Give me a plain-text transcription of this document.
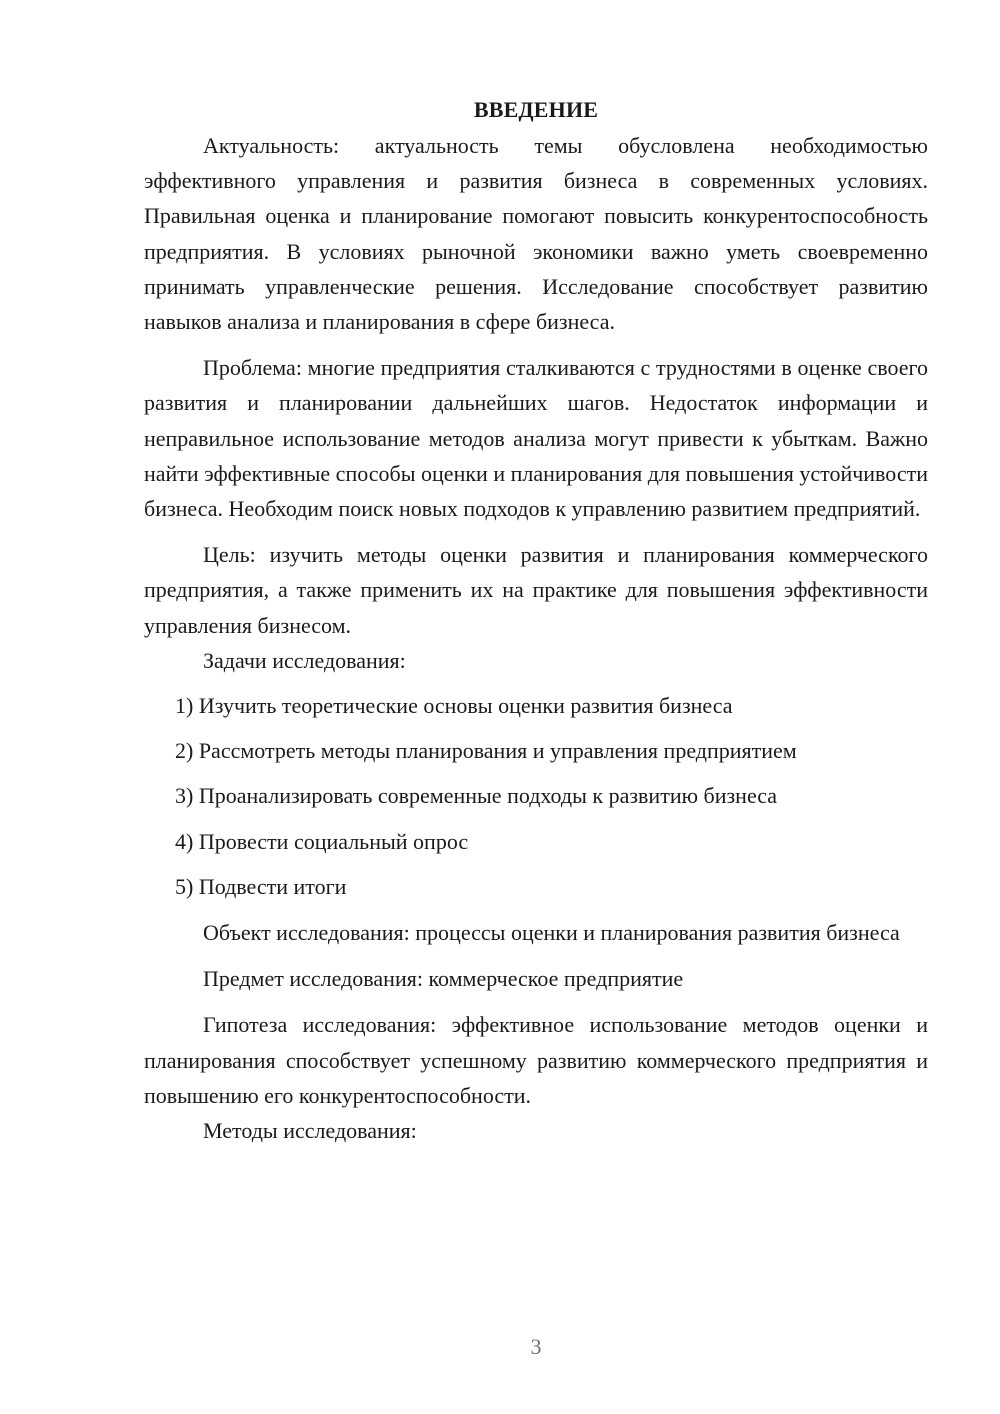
ВВЕДЕНИЕ

Актуальность: актуальность темы обусловлена необходимостью эффективного управления и развития бизнеса в современных условиях. Правильная оценка и планирование помогают повысить конкурентоспособность предприятия. В условиях рыночной экономики важно уметь своевременно принимать управленческие решения. Исследование способствует развитию навыков анализа и планирования в сфере бизнеса.

Проблема: многие предприятия сталкиваются с трудностями в оценке своего развития и планировании дальнейших шагов. Недостаток информации и неправильное использование методов анализа могут привести к убыткам. Важно найти эффективные способы оценки и планирования для повышения устойчивости бизнеса. Необходим поиск новых подходов к управлению развитием предприятий.

Цель: изучить методы оценки развития и планирования коммерческого предприятия, а также применить их на практике для повышения эффективности управления бизнесом.

Задачи исследования:

1) Изучить теоретические основы оценки развития бизнеса

2) Рассмотреть методы планирования и управления предприятием

3) Проанализировать современные подходы к развитию бизнеса

4) Провести социальный опрос

5) Подвести итоги

Объект исследования: процессы оценки и планирования развития бизнеса

Предмет исследования: коммерческое предприятие

Гипотеза исследования: эффективное использование методов оценки и планирования способствует успешному развитию коммерческого предприятия и повышению его конкурентоспособности.

Методы исследования:

3
